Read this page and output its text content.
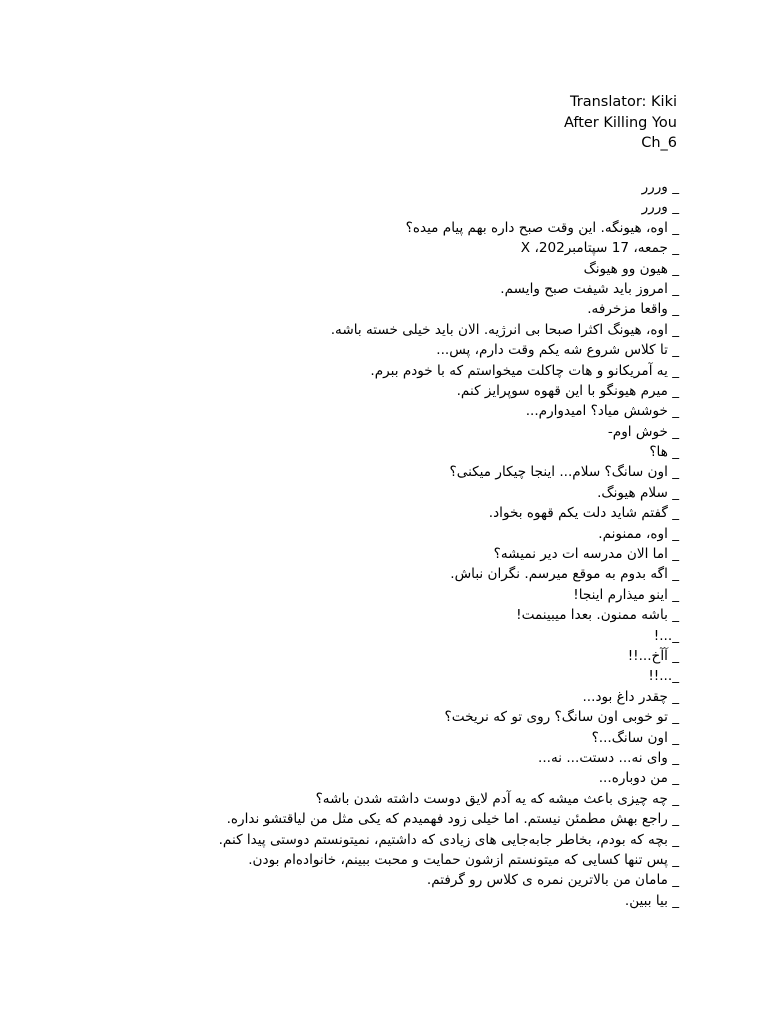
Translator: Kiki
After Killing You
Ch_6
_ وررر
_ وررر
_ اوه، هیونگه. این وقت صبح داره بهم پیام میده؟
_ جمعه، 17 سپتامبر202، X
_ هیون وو هیونگ
_ امروز باید شیفت صبح وایسم.
_ واقعا مزخرفه.
_ اوه، هیونگ اکثرا صبحا بی انرژیه. الان باید خیلی خسته باشه.
_ تا کلاس شروع شه یکم وقت دارم، پس...
_ یه آمریکانو و هات چاکلت میخواستم که با خودم ببرم.
_ میرم هیونگو با این قهوه سوپرایز کنم.
_ خوشش میاد؟ امیدوارم...
_ خوش اوم-
_ ها؟
_ اون سانگ؟ سلام... اینجا چیکار میکنی؟
_ سلام هیونگ.
_ گفتم شاید دلت یکم قهوه بخواد.
_ اوه، ممنونم.
_ اما الان مدرسه ات دیر نمیشه؟
_ اگه بدوم به موقع میرسم. نگران نباش.
_ اینو میذارم اینجا!
_ باشه ممنون. بعدا میبینمت!
_...!
_ آآخ...!!
_...!!
_ چقدر داغ بود...
_ تو خوبی اون سانگ؟ روی تو که نریخت؟
_ اون سانگ...؟
_ وای نه... دستت... نه...
_ من دوباره...
_ چه چیزی باعث میشه که یه آدم لایق دوست داشته شدن باشه؟
_ راجع بهش مطمئن نیستم. اما خیلی زود فهمیدم که یکی مثل من لیاقتشو نداره.
_ بچه که بودم، بخاطر جابه‌جایی های زیادی که داشتیم، نمیتونستم دوستی پیدا کنم.
_ پس تنها کسایی که میتونستم ازشون حمایت و محبت ببینم، خانواده‌ام بودن.
_ مامان من بالاترین نمره ی کلاس رو گرفتم.
_ بیا ببین.
